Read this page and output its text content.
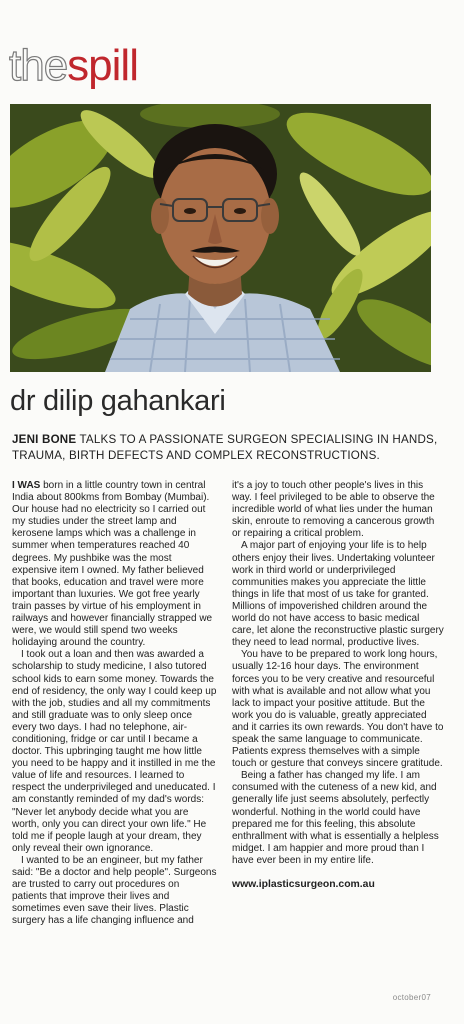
thespill
dr dilip gahankari

JENI BONE TALKS TO A PASSIONATE SURGEON SPECIALISING IN HANDS, TRAUMA, BIRTH DEFECTS AND COMPLEX RECONSTRUCTIONS.

I WAS born in a little country town in central India about 800kms from Bombay (Mumbai). Our house had no electricity so I carried out my studies under the street lamp and kerosene lamps which was a challenge in summer when temperatures reached 40 degrees. My pushbike was the most expensive item I owned. My father believed that books, education and travel were more important than luxuries. We got free yearly train passes by virtue of his employment in railways and however financially strapped we were, we would still spend two weeks holidaying around the country.

I took out a loan and then was awarded a scholarship to study medicine, I also tutored school kids to earn some money. Towards the end of residency, the only way I could keep up with the job, studies and all my commitments and still graduate was to only sleep once every two days. I had no telephone, air-conditioning, fridge or car until I became a doctor. This upbringing taught me how little you need to be happy and it instilled in me the value of life and resources. I learned to respect the underprivileged and uneducated. I am constantly reminded of my dad's words: "Never let anybody decide what you are worth, only you can direct your own life." He told me if people laugh at your dream, they only reveal their own ignorance.

I wanted to be an engineer, but my father said: "Be a doctor and help people". Surgeons are trusted to carry out procedures on patients that improve their lives and sometimes even save their lives. Plastic surgery has a life changing influence and

it's a joy to touch other people's lives in this way. I feel privileged to be able to observe the incredible world of what lies under the human skin, enroute to removing a cancerous growth or repairing a critical problem.

A major part of enjoying your life is to help others enjoy their lives. Undertaking volunteer work in third world or underprivileged communities makes you appreciate the little things in life that most of us take for granted. Millions of impoverished children around the world do not have access to basic medical care, let alone the reconstructive plastic surgery they need to lead normal, productive lives.

You have to be prepared to work long hours, usually 12-16 hour days. The environment forces you to be very creative and resourceful with what is available and not allow what you lack to impact your positive attitude. But the work you do is valuable, greatly appreciated and it carries its own rewards. You don't have to speak the same language to communicate. Patients express themselves with a simple touch or gesture that conveys sincere gratitude.

Being a father has changed my life. I am consumed with the cuteness of a new kid, and generally life just seems absolutely, perfectly wonderful. Nothing in the world could have prepared me for this feeling, this absolute enthrallment with what is essentially a helpless midget. I am happier and more proud than I have ever been in my entire life.

www.iplasticsurgeon.com.au

october07
